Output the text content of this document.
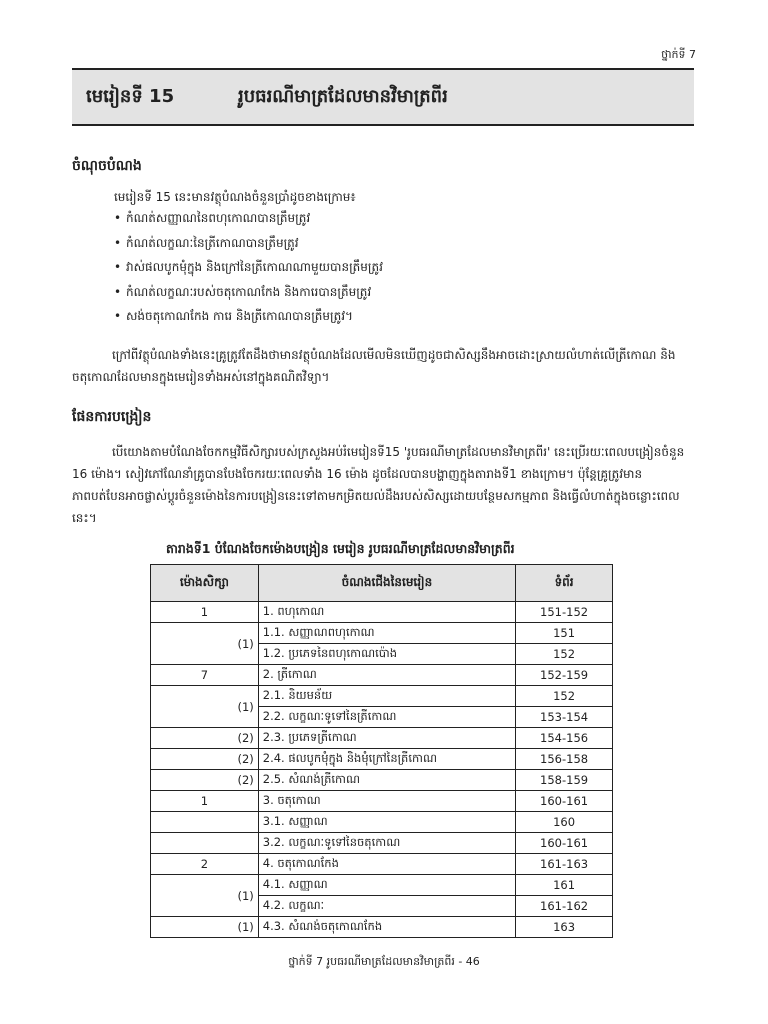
ថ្នាក់ទី 7
មេរៀនទី 15	រូបធរណីមាត្រដែលមានវិមាត្រពីរ
ចំណុចបំណង
មេរៀនទី 15 នេះមានវត្ថុបំណងចំនួនប្រាំដូចខាងក្រោម៖
• កំណត់សញ្ញាណនៃពហុកោណបានត្រឹមត្រូវ
• កំណត់លក្ខណៈនៃត្រីកោណបានត្រឹមត្រូវ
• វាស់ផលបូកមុំក្នុង និងក្រៅនៃត្រីកោណណាមួយបានត្រឹមត្រូវ
• កំណត់លក្ខណៈរបស់ចតុកោណកែង និងការេបានត្រឹមត្រូវ
• សង់ចតុកោណកែង ការេ និងត្រីកោណបានត្រឹមត្រូវ។
ក្រៅពីវត្ថុបំណងទាំងនេះគ្រូត្រូវតែដឹងថាមានវត្ថុបំណងដែលមើលមិនឃើញដូចជាសិស្សនឹងអាចដោះស្រាយលំហាត់លើត្រីកោណ និងចតុកោណដែលមានក្នុងមេរៀនទាំងអស់នៅក្នុងគណិតវិទ្យា។
ផែនការបង្រៀន
បើយោងតាមបំណែងចែកកម្មវិធីសិក្សារបស់ក្រសួងអប់រំមេរៀនទី15 'រូបធរណីមាត្រដែលមានវិមាត្រពីរ' នេះប្រើរយៈពេលបង្រៀនចំនួន 16 ម៉ោង។ សៀវភៅណែនាំគ្រូបានបែងចែករយៈពេលទាំង 16 ម៉ោង ដូចដែលបានបង្ហាញក្នុងតារាងទី1 ខាងក្រោម។ ប៉ុន្តែគ្រូត្រូវមានភាពបត់បែនអាចផ្លាស់ប្តូរចំនួនម៉ោងនៃការបង្រៀននេះទៅតាមកម្រិតយល់ដឹងរបស់សិស្សដោយបន្ថែមសកម្មភាព និងធ្វើលំហាត់ក្នុងចន្លោះពេលនេះ។
តារាងទី1 បំណែងចែកម៉ោងបង្រៀន មេរៀន រូបធរណីមាត្រដែលមានវិមាត្រពីរ
ម៉ោងសិក្សា	ចំណងជើងនៃមេរៀន	ទំព័រ
1	1. ពហុកោណ	151-152
(1)	1.1. សញ្ញាណពហុកោណ	151
	1.2. ប្រភេទនៃពហុកោណប៉ោង	152
7	2. ត្រីកោណ	152-159
(1)	2.1. និយមន័យ	152
	2.2. លក្ខណៈទូទៅនៃត្រីកោណ	153-154
(2)	2.3. ប្រភេទត្រីកោណ	154-156
(2)	2.4. ផលបូកមុំក្នុង និងមុំក្រៅនៃត្រីកោណ	156-158
(2)	2.5. សំណង់ត្រីកោណ	158-159
1	3. ចតុកោណ	160-161
	3.1. សញ្ញាណ	160
	3.2. លក្ខណៈទូទៅនៃចតុកោណ	160-161
2	4. ចតុកោណកែង	161-163
(1)	4.1. សញ្ញាណ	161
	4.2. លក្ខណៈ	161-162
(1)	4.3. សំណង់ចតុកោណកែង	163
ថ្នាក់ទី 7 រូបធរណីមាត្រដែលមានវិមាត្រពីរ - 46
